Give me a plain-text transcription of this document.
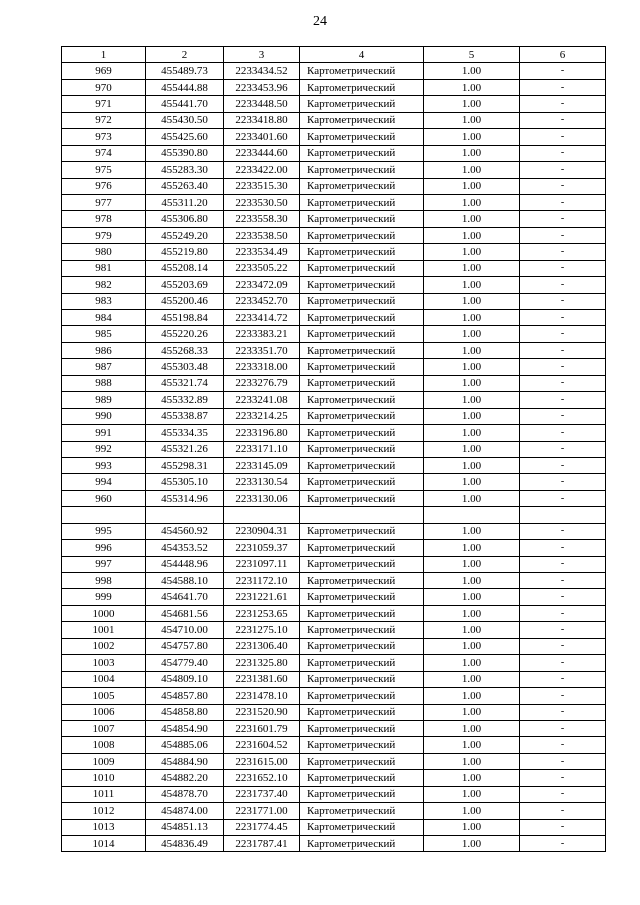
24
1	2	3	4	5	6
969	455489.73	2233434.52	Картометрический	1.00	-
970	455444.88	2233453.96	Картометрический	1.00	-
971	455441.70	2233448.50	Картометрический	1.00	-
972	455430.50	2233418.80	Картометрический	1.00	-
973	455425.60	2233401.60	Картометрический	1.00	-
974	455390.80	2233444.60	Картометрический	1.00	-
975	455283.30	2233422.00	Картометрический	1.00	-
976	455263.40	2233515.30	Картометрический	1.00	-
977	455311.20	2233530.50	Картометрический	1.00	-
978	455306.80	2233558.30	Картометрический	1.00	-
979	455249.20	2233538.50	Картометрический	1.00	-
980	455219.80	2233534.49	Картометрический	1.00	-
981	455208.14	2233505.22	Картометрический	1.00	-
982	455203.69	2233472.09	Картометрический	1.00	-
983	455200.46	2233452.70	Картометрический	1.00	-
984	455198.84	2233414.72	Картометрический	1.00	-
985	455220.26	2233383.21	Картометрический	1.00	-
986	455268.33	2233351.70	Картометрический	1.00	-
987	455303.48	2233318.00	Картометрический	1.00	-
988	455321.74	2233276.79	Картометрический	1.00	-
989	455332.89	2233241.08	Картометрический	1.00	-
990	455338.87	2233214.25	Картометрический	1.00	-
991	455334.35	2233196.80	Картометрический	1.00	-
992	455321.26	2233171.10	Картометрический	1.00	-
993	455298.31	2233145.09	Картометрический	1.00	-
994	455305.10	2233130.54	Картометрический	1.00	-
960	455314.96	2233130.06	Картометрический	1.00	-

995	454560.92	2230904.31	Картометрический	1.00	-
996	454353.52	2231059.37	Картометрический	1.00	-
997	454448.96	2231097.11	Картометрический	1.00	-
998	454588.10	2231172.10	Картометрический	1.00	-
999	454641.70	2231221.61	Картометрический	1.00	-
1000	454681.56	2231253.65	Картометрический	1.00	-
1001	454710.00	2231275.10	Картометрический	1.00	-
1002	454757.80	2231306.40	Картометрический	1.00	-
1003	454779.40	2231325.80	Картометрический	1.00	-
1004	454809.10	2231381.60	Картометрический	1.00	-
1005	454857.80	2231478.10	Картометрический	1.00	-
1006	454858.80	2231520.90	Картометрический	1.00	-
1007	454854.90	2231601.79	Картометрический	1.00	-
1008	454885.06	2231604.52	Картометрический	1.00	-
1009	454884.90	2231615.00	Картометрический	1.00	-
1010	454882.20	2231652.10	Картометрический	1.00	-
1011	454878.70	2231737.40	Картометрический	1.00	-
1012	454874.00	2231771.00	Картометрический	1.00	-
1013	454851.13	2231774.45	Картометрический	1.00	-
1014	454836.49	2231787.41	Картометрический	1.00	-
